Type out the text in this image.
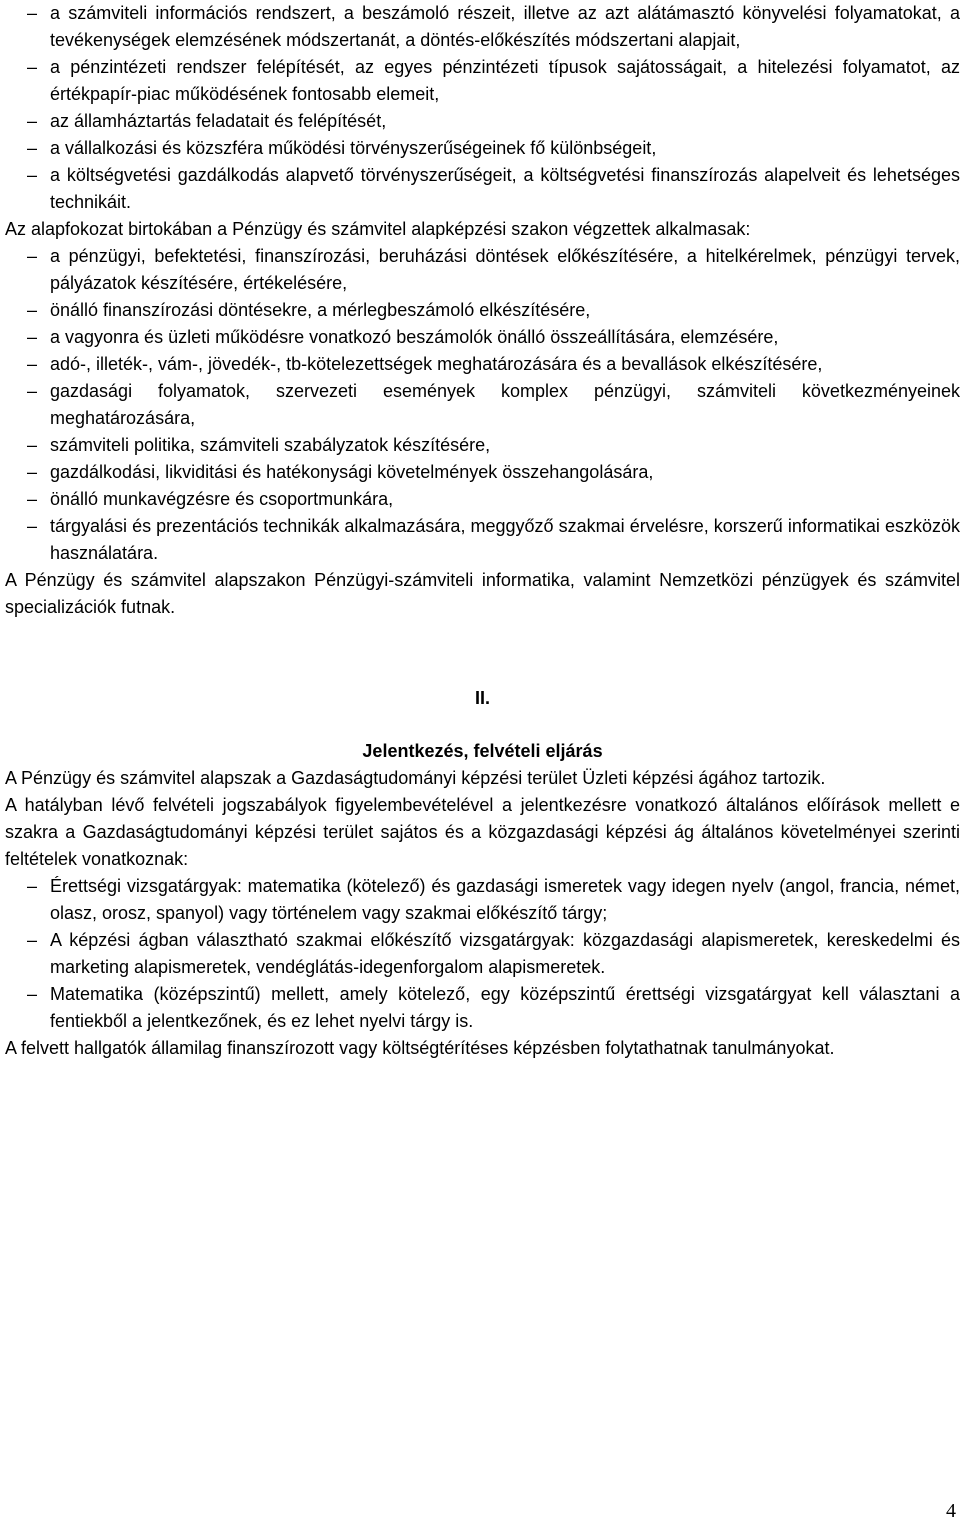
– a számviteli információs rendszert, a beszámoló részeit, illetve az azt alátámasztó könyvelési folyamatokat, a tevékenységek elemzésének módszertanát, a döntés-előkészítés módszertani alapjait,
– a pénzintézeti rendszer felépítését, az egyes pénzintézeti típusok sajátosságait, a hitelezési folyamatot, az értékpapír-piac működésének fontosabb elemeit,
– az államháztartás feladatait és felépítését,
– a vállalkozási és közszféra működési törvényszerűségeinek fő különbségeit,
– a költségvetési gazdálkodás alapvető törvényszerűségeit, a költségvetési finanszírozás alapelveit és lehetséges technikáit.

Az alapfokozat birtokában a Pénzügy és számvitel alapképzési szakon végzettek alkalmasak:

– a pénzügyi, befektetési, finanszírozási, beruházási döntések előkészítésére, a hitelkérelmek, pénzügyi tervek, pályázatok készítésére, értékelésére,
– önálló finanszírozási döntésekre, a mérlegbeszámoló elkészítésére,
– a vagyonra és üzleti működésre vonatkozó beszámolók önálló összeállítására, elemzésére,
– adó-, illeték-, vám-, jövedék-, tb-kötelezettségek meghatározására és a bevallások elkészítésére,
– gazdasági folyamatok, szervezeti események komplex pénzügyi, számviteli következményeinek meghatározására,
– számviteli politika, számviteli szabályzatok készítésére,
– gazdálkodási, likviditási és hatékonysági követelmények összehangolására,
– önálló munkavégzésre és csoportmunkára,
– tárgyalási és prezentációs technikák alkalmazására, meggyőző szakmai érvelésre, korszerű informatikai eszközök használatára.

A Pénzügy és számvitel alapszakon Pénzügyi-számviteli informatika, valamint Nemzetközi pénzügyek és számvitel specializációk futnak.

II.

Jelentkezés, felvételi eljárás

A Pénzügy és számvitel alapszak a Gazdaságtudományi képzési terület Üzleti képzési ágához tartozik.

A hatályban lévő felvételi jogszabályok figyelembevételével a jelentkezésre vonatkozó általános előírások mellett e szakra a Gazdaságtudományi képzési terület sajátos és a közgazdasági képzési ág általános követelményei szerinti feltételek vonatkoznak:

– Érettségi vizsgatárgyak: matematika (kötelező) és gazdasági ismeretek vagy idegen nyelv (angol, francia, német, olasz, orosz, spanyol) vagy történelem vagy szakmai előkészítő tárgy;
– A képzési ágban választható szakmai előkészítő vizsgatárgyak: közgazdasági alapismeretek, kereskedelmi és marketing alapismeretek, vendéglátás-idegenforgalom alapismeretek.
– Matematika (középszintű) mellett, amely kötelező, egy középszintű érettségi vizsgatárgyat kell választani a fentiekből a jelentkezőnek, és ez lehet nyelvi tárgy is.

A felvett hallgatók államilag finanszírozott vagy költségtérítéses képzésben folytathatnak tanulmányokat.

4
